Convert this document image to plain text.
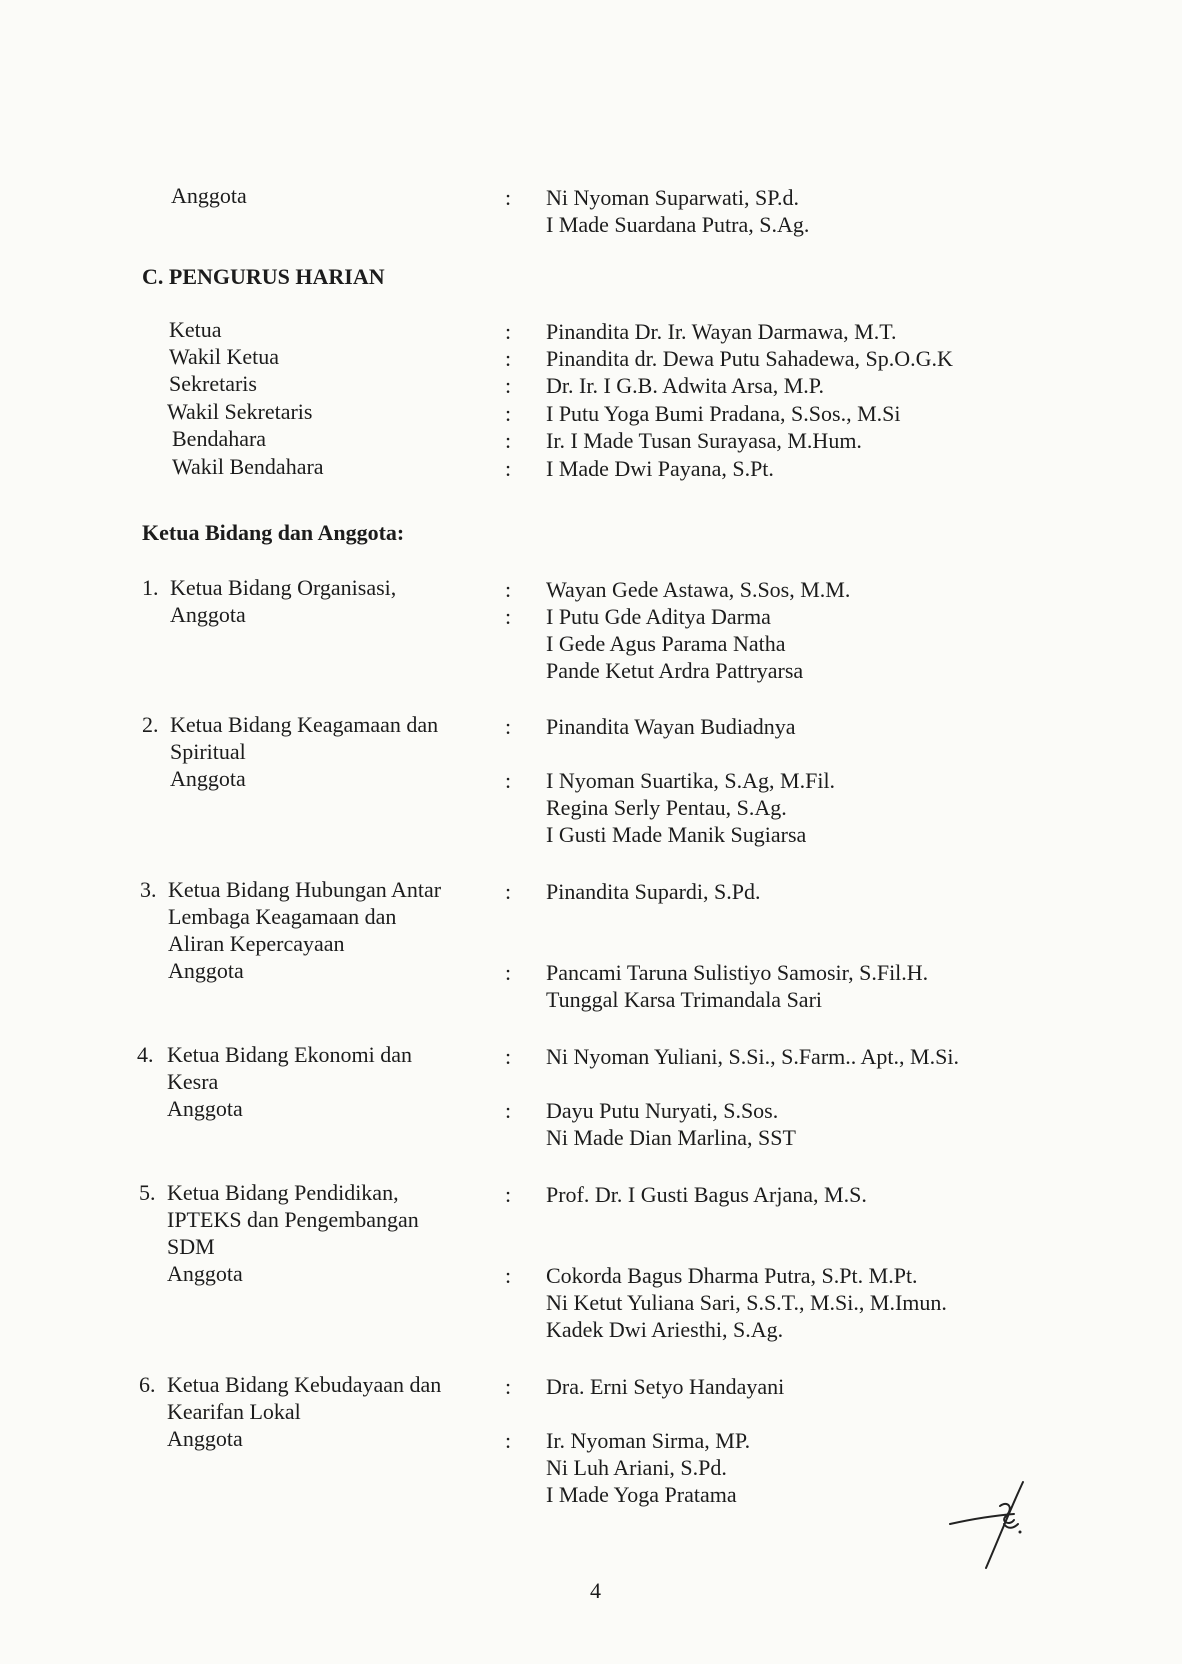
Anggota	: Ni Nyoman Suparwati, SP.d.
I Made Suardana Putra, S.Ag.
C. PENGURUS HARIAN
Ketua	: Pinandita Dr. Ir. Wayan Darmawa, M.T.
Wakil Ketua	: Pinandita dr. Dewa Putu Sahadewa, Sp.O.G.K
Sekretaris	: Dr. Ir. I G.B. Adwita Arsa, M.P.
Wakil Sekretaris	: I Putu Yoga Bumi Pradana, S.Sos., M.Si
Bendahara	: Ir. I Made Tusan Surayasa, M.Hum.
Wakil Bendahara	: I Made Dwi Payana, S.Pt.
Ketua Bidang dan Anggota:
1. Ketua Bidang Organisasi,	: Wayan Gede Astawa, S.Sos, M.M.
Anggota	: I Putu Gde Aditya Darma
I Gede Agus Parama Natha
Pande Ketut Ardra Pattryarsa
2. Ketua Bidang Keagamaan dan
Spiritual
: Pinandita Wayan Budiadnya
Anggota	: I Nyoman Suartika, S.Ag, M.Fil.
Regina Serly Pentau, S.Ag.
I Gusti Made Manik Sugiarsa
3. Ketua Bidang Hubungan Antar
Lembaga Keagamaan dan
Aliran Kepercayaan
: Pinandita Supardi, S.Pd.
Anggota	: Pancami Taruna Sulistiyo Samosir, S.Fil.H.
Tunggal Karsa Trimandala Sari
4. Ketua Bidang Ekonomi dan
Kesra
: Ni Nyoman Yuliani, S.Si., S.Farm.. Apt., M.Si.
Anggota	: Dayu Putu Nuryati, S.Sos.
Ni Made Dian Marlina, SST
5. Ketua Bidang Pendidikan,
IPTEKS dan Pengembangan
SDM
: Prof. Dr. I Gusti Bagus Arjana, M.S.
Anggota	: Cokorda Bagus Dharma Putra, S.Pt. M.Pt.
Ni Ketut Yuliana Sari, S.S.T., M.Si., M.Imun.
Kadek Dwi Ariesthi, S.Ag.
6. Ketua Bidang Kebudayaan dan
Kearifan Lokal
: Dra. Erni Setyo Handayani
Anggota	: Ir. Nyoman Sirma, MP.
Ni Luh Ariani, S.Pd.
I Made Yoga Pratama
4
